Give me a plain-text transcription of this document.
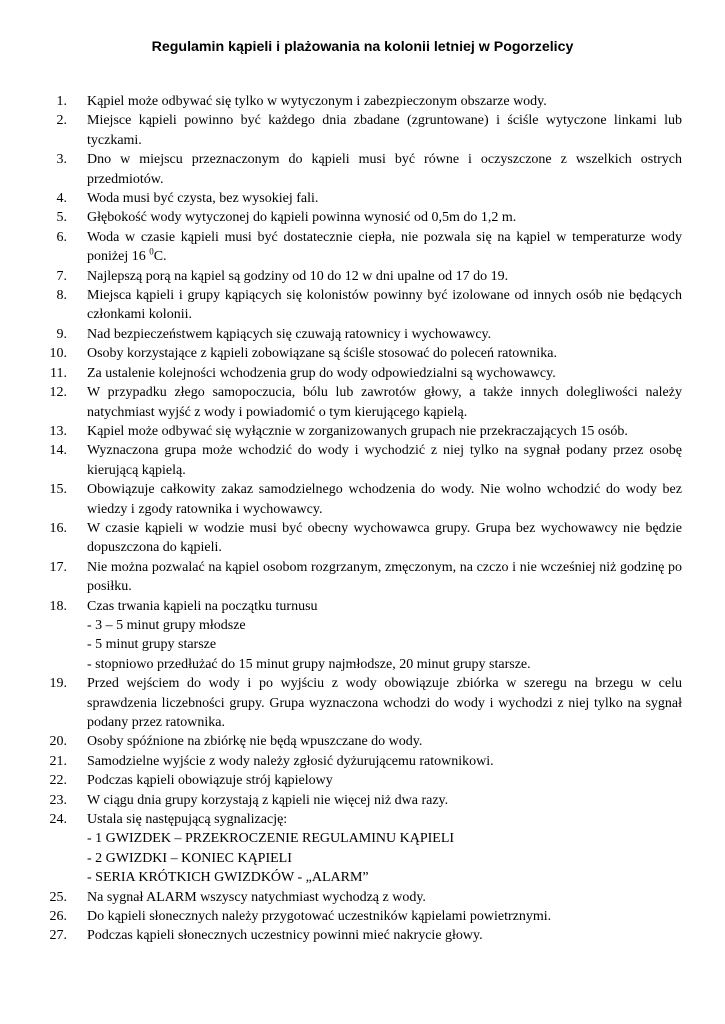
Regulamin kąpieli i plażowania na kolonii letniej w Pogorzelicy
1. Kąpiel może odbywać się tylko w wytyczonym i zabezpieczonym obszarze wody.
2. Miejsce kąpieli powinno być każdego dnia zbadane (zgruntowane) i ściśle wytyczone linkami lub tyczkami.
3. Dno w miejscu przeznaczonym do kąpieli musi być równe i oczyszczone z wszelkich ostrych przedmiotów.
4. Woda musi być czysta, bez wysokiej fali.
5. Głębokość wody wytyczonej do kąpieli powinna wynosić od 0,5m do 1,2 m.
6. Woda w czasie kąpieli musi być dostatecznie ciepła, nie pozwala się na kąpiel w temperaturze wody poniżej 16 $^0$C.
7. Najlepszą porą na kąpiel są godziny od 10 do 12 w dni upalne od 17 do 19.
8. Miejsca kąpieli i grupy kąpiących się kolonistów powinny być izolowane od innych osób nie będących członkami kolonii.
9. Nad bezpieczeństwem kąpiących się czuwają ratownicy i wychowawcy.
10. Osoby korzystające z kąpieli zobowiązane są ściśle stosować do poleceń ratownika.
11. Za ustalenie kolejności wchodzenia grup do wody odpowiedzialni są wychowawcy.
12. W przypadku złego samopoczucia, bólu lub zawrotów głowy, a także innych dolegliwości należy natychmiast wyjść z wody i powiadomić o tym kierującego kąpielą.
13. Kąpiel może odbywać się wyłącznie w zorganizowanych grupach nie przekraczających 15 osób.
14. Wyznaczona grupa może wchodzić do wody i wychodzić z niej tylko na sygnał podany przez osobę kierującą kąpielą.
15. Obowiązuje całkowity zakaz samodzielnego wchodzenia do wody. Nie wolno wchodzić do wody bez wiedzy i zgody ratownika i wychowawcy.
16. W czasie kąpieli w wodzie musi być obecny wychowawca grupy. Grupa bez wychowawcy nie będzie dopuszczona do kąpieli.
17. Nie można pozwalać na kąpiel osobom rozgrzanym, zmęczonym, na czczo i nie wcześniej niż godzinę po posiłku.
18. Czas trwania kąpieli na początku turnusu
- 3 – 5 minut grupy młodsze
- 5 minut grupy starsze
- stopniowo przedłużać do 15 minut grupy najmłodsze, 20 minut grupy starsze.
19. Przed wejściem do wody i po wyjściu z wody obowiązuje zbiórka w szeregu na brzegu w celu sprawdzenia liczebności grupy. Grupa wyznaczona wchodzi do wody i wychodzi z niej tylko na sygnał podany przez ratownika.
20. Osoby spóźnione na zbiórkę nie będą wpuszczane do wody.
21. Samodzielne wyjście z wody należy zgłosić dyżurującemu ratownikowi.
22. Podczas kąpieli obowiązuje strój kąpielowy
23. W ciągu dnia grupy korzystają z kąpieli nie więcej niż dwa razy.
24. Ustala się następującą sygnalizację:
- 1 GWIZDEK – PRZEKROCZENIE REGULAMINU KĄPIELI
- 2 GWIZDKI – KONIEC KĄPIELI
- SERIA KRÓTKICH GWIZDKÓW - „ALARM”
25. Na sygnał ALARM wszyscy natychmiast wychodzą z wody.
26. Do kąpieli słonecznych należy przygotować uczestników kąpielami powietrznymi.
27. Podczas kąpieli słonecznych uczestnicy powinni mieć nakrycie głowy.
